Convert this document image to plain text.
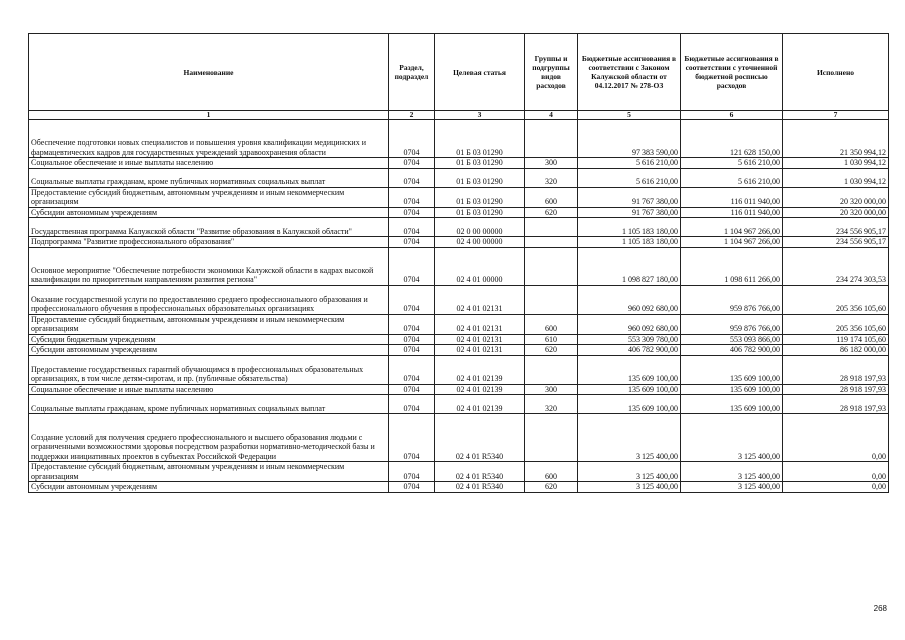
Наименование	Раздел, подраздел	Целевая статья	Группы и подгруппы видов расходов	Бюджетные ассигнования в соответствии с Законом Калужской области от 04.12.2017 № 278-ОЗ	Бюджетные ассигнования в соответствии с уточненной бюджетной росписью расходов	Исполнено
1	2	3	4	5	6	7
Обеспечение подготовки новых специалистов и повышения уровня квалификации медицинских и фармацевтических кадров для государственных учреждений здравоохранения области	0704	01 Б 03 01290		97 383 590,00	121 628 150,00	21 350 994,12
Социальное обеспечение и иные выплаты населению	0704	01 Б 03 01290	300	5 616 210,00	5 616 210,00	1 030 994,12
Социальные выплаты гражданам, кроме публичных нормативных социальных выплат	0704	01 Б 03 01290	320	5 616 210,00	5 616 210,00	1 030 994,12
Предоставление субсидий бюджетным, автономным учреждениям и иным некоммерческим организациям	0704	01 Б 03 01290	600	91 767 380,00	116 011 940,00	20 320 000,00
Субсидии автономным учреждениям	0704	01 Б 03 01290	620	91 767 380,00	116 011 940,00	20 320 000,00
Государственная программа Калужской области "Развитие образования в Калужской области"	0704	02 0 00 00000		1 105 183 180,00	1 104 967 266,00	234 556 905,17
Подпрограмма "Развитие профессионального образования"	0704	02 4 00 00000		1 105 183 180,00	1 104 967 266,00	234 556 905,17
Основное мероприятие "Обеспечение потребности экономики Калужской области в кадрах высокой квалификации по приоритетным направлениям развития региона"	0704	02 4 01 00000		1 098 827 180,00	1 098 611 266,00	234 274 303,53
Оказание государственной услуги по предоставлению среднего профессионального образования и профессионального обучения в профессиональных образовательных организациях	0704	02 4 01 02131		960 092 680,00	959 876 766,00	205 356 105,60
Предоставление субсидий бюджетным, автономным учреждениям и иным некоммерческим организациям	0704	02 4 01 02131	600	960 092 680,00	959 876 766,00	205 356 105,60
Субсидии бюджетным учреждениям	0704	02 4 01 02131	610	553 309 780,00	553 093 866,00	119 174 105,60
Субсидии автономным учреждениям	0704	02 4 01 02131	620	406 782 900,00	406 782 900,00	86 182 000,00
Предоставление государственных гарантий обучающимся в профессиональных образовательных организациях, в том числе детям-сиротам, и пр. (публичные обязательства)	0704	02 4 01 02139		135 609 100,00	135 609 100,00	28 918 197,93
Социальное обеспечение и иные выплаты населению	0704	02 4 01 02139	300	135 609 100,00	135 609 100,00	28 918 197,93
Социальные выплаты гражданам, кроме публичных нормативных социальных выплат	0704	02 4 01 02139	320	135 609 100,00	135 609 100,00	28 918 197,93
Создание условий для получения среднего профессионального и высшего образования людьми с ограниченными возможностями здоровья посредством разработки нормативно-методической базы и поддержки инициативных проектов в субъектах Российской Федерации	0704	02 4 01 R5340		3 125 400,00	3 125 400,00	0,00
Предоставление субсидий бюджетным, автономным учреждениям и иным некоммерческим организациям	0704	02 4 01 R5340	600	3 125 400,00	3 125 400,00	0,00
Субсидии автономным учреждениям	0704	02 4 01 R5340	620	3 125 400,00	3 125 400,00	0,00
268
